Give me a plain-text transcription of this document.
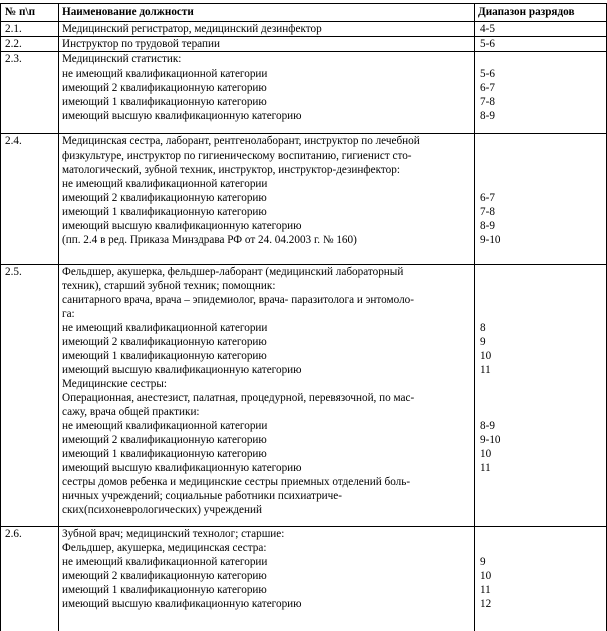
№ п\п Наименование должности	Диапазон разрядов
2.1.	Медицинский регистратор, медицинский дезинфектор	4-5
2.2.	Инструктор по трудовой терапии	5-6
2.3.	Медицинский статистик:
не имеющий квалификационной категории	5-6
имеющий 2 квалификационную категорию	6-7
имеющий 1 квалификационную категорию	7-8
имеющий высшую квалификационную категорию	8-9
2.4.	Медицинская сестра, лаборант, рентгенолаборант, инструктор по лечебной
физкультуре, инструктор по гигиеническому воспитанию, гигиенист сто-
матологический, зубной техник, инструктор, инструктор-дезинфектор:
не имеющий квалификационной категории
имеющий 2 квалификационную категорию	6-7
имеющий 1 квалификационную категорию	7-8
имеющий высшую квалификационную категорию	8-9
(пп. 2.4 в ред. Приказа Минздрава РФ от 24. 04.2003 г. № 160)	9-10
2.5.	Фельдшер, акушерка, фельдшер-лаборант (медицинский лабораторный
техник), старший зубной техник; помощник:
санитарного врача, врача – эпидемиолог, врача- паразитолога и энтомоло-
га:
не имеющий квалификационной категории	8
имеющий 2 квалификационную категорию	9
имеющий 1 квалификационную категорию	10
имеющий высшую квалификационную категорию	11
Медицинские сестры:
Операционная, анестезист, палатная, процедурной, перевязочной, по мас-
сажу, врача общей практики:
не имеющий квалификационной категории	8-9
имеющий 2 квалификационную категорию	9-10
имеющий 1 квалификационную категорию	10
имеющий высшую квалификационную категорию	11
сестры домов ребенка и медицинские сестры приемных отделений боль-
ничных учреждений; социальные работники психиатриче-
ских(психоневрологических) учреждений
2.6.	Зубной врач; медицинский технолог; старшие:
Фельдшер, акушерка, медицинская сестра:
не имеющий квалификационной категории	9
имеющий 2 квалификационную категорию	10
имеющий 1 квалификационную категорию	11
имеющий высшую квалификационную категорию	12
